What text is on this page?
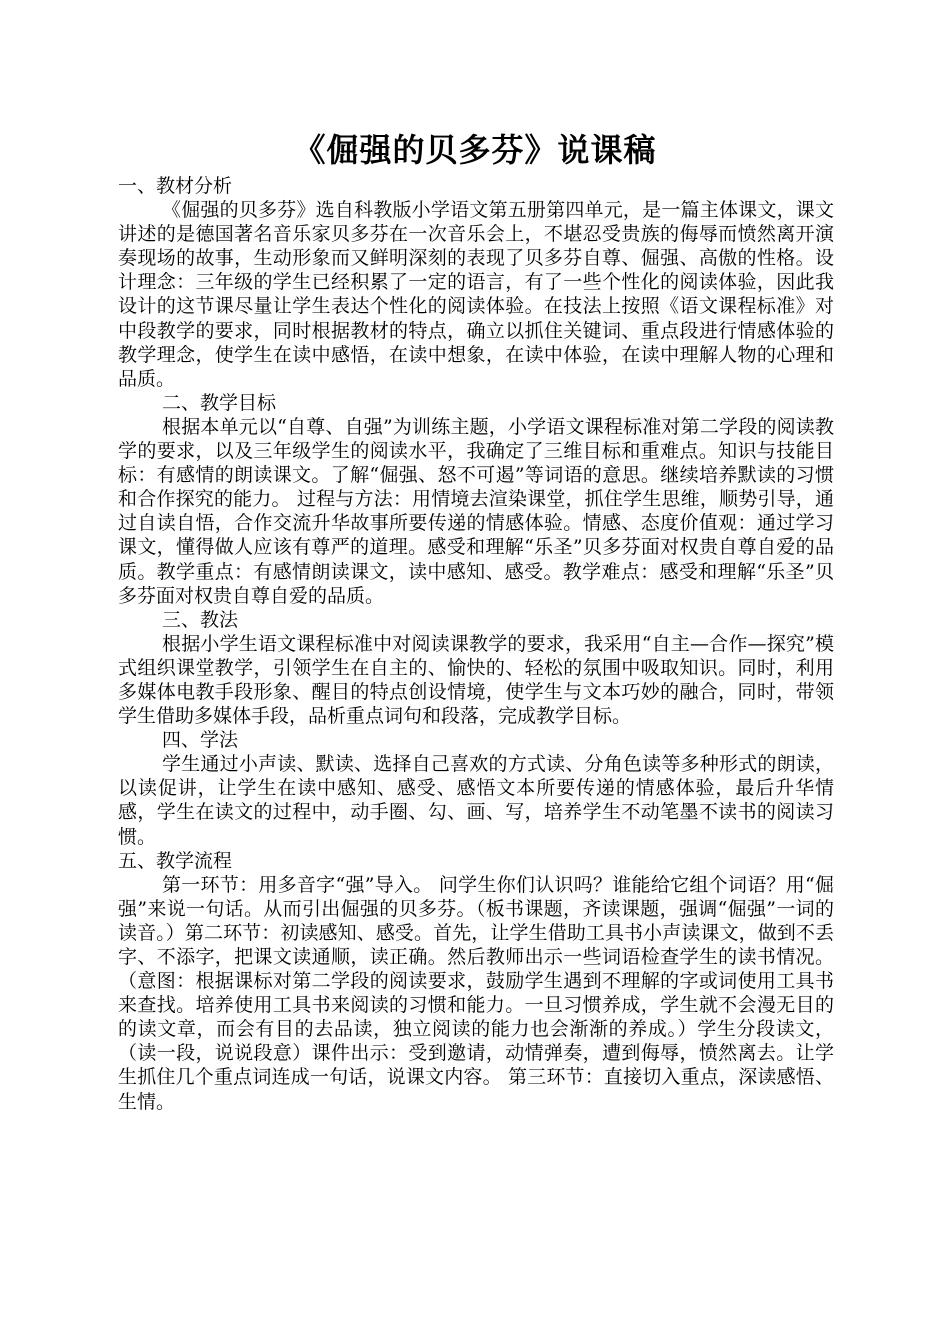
《倔强的贝多芬》说课稿

一、教材分析

《倔强的贝多芬》选自科教版小学语文第五册第四单元，是一篇主体课文，课文讲述的是德国著名音乐家贝多芬在一次音乐会上，不堪忍受贵族的侮辱而愤然离开演奏现场的故事，生动形象而又鲜明深刻的表现了贝多芬自尊、倔强、高傲的性格。设计理念：三年级的学生已经积累了一定的语言，有了一些个性化的阅读体验，因此我设计的这节课尽量让学生表达个性化的阅读体验。在技法上按照《语文课程标准》对中段教学的要求，同时根据教材的特点，确立以抓住关键词、重点段进行情感体验的教学理念，使学生在读中感悟，在读中想象，在读中体验，在读中理解人物的心理和品质。

二、教学目标

根据本单元以“自尊、自强”为训练主题，小学语文课程标准对第二学段的阅读教学的要求，以及三年级学生的阅读水平，我确定了三维目标和重难点。知识与技能目标：有感情的朗读课文。了解“倔强、怒不可遏”等词语的意思。继续培养默读的习惯和合作探究的能力。 过程与方法：用情境去渲染课堂，抓住学生思维，顺势引导，通过自读自悟，合作交流升华故事所要传递的情感体验。情感、态度价值观：通过学习课文，懂得做人应该有尊严的道理。感受和理解“乐圣”贝多芬面对权贵自尊自爱的品质。教学重点：有感情朗读课文，读中感知、感受。教学难点：感受和理解“乐圣”贝多芬面对权贵自尊自爱的品质。

三、教法

根据小学生语文课程标准中对阅读课教学的要求，我采用“自主—合作—探究”模式组织课堂教学，引领学生在自主的、愉快的、轻松的氛围中吸取知识。同时，利用多媒体电教手段形象、醒目的特点创设情境，使学生与文本巧妙的融合，同时，带领学生借助多媒体手段，品析重点词句和段落，完成教学目标。

四、学法

学生通过小声读、默读、选择自己喜欢的方式读、分角色读等多种形式的朗读，以读促讲，让学生在读中感知、感受、感悟文本所要传递的情感体验，最后升华情感，学生在读文的过程中，动手圈、勾、画、写，培养学生不动笔墨不读书的阅读习惯。

五、教学流程

第一环节：用多音字“强”导入。 问学生你们认识吗？谁能给它组个词语？用“倔强”来说一句话。从而引出倔强的贝多芬。（板书课题，齐读课题，强调“倔强”一词的读音。）第二环节：初读感知、感受。首先，让学生借助工具书小声读课文，做到不丢字、不添字，把课文读通顺，读正确。然后教师出示一些词语检查学生的读书情况。 （意图：根据课标对第二学段的阅读要求，鼓励学生遇到不理解的字或词使用工具书来查找。培养使用工具书来阅读的习惯和能力。一旦习惯养成，学生就不会漫无目的的读文章，而会有目的去品读，独立阅读的能力也会渐渐的养成。）学生分段读文，（读一段，说说段意）课件出示：受到邀请，动情弹奏，遭到侮辱，愤然离去。让学生抓住几个重点词连成一句话，说课文内容。 第三环节：直接切入重点，深读感悟、生情。
